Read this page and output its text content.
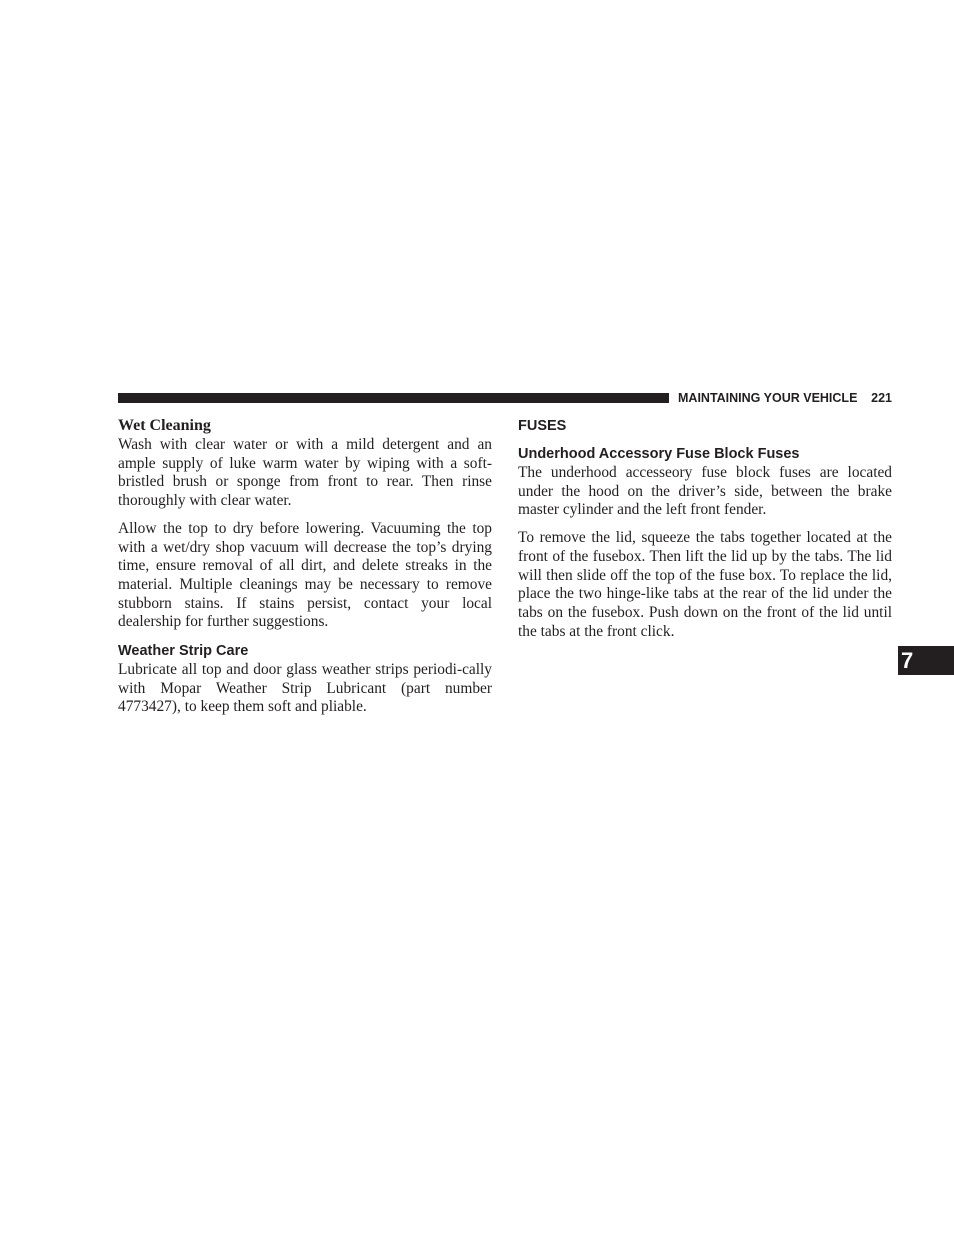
MAINTAINING YOUR VEHICLE 221
Wet Cleaning

Wash with clear water or with a mild detergent and an ample supply of luke warm water by wiping with a soft-bristled brush or sponge from front to rear. Then rinse thoroughly with clear water.

Allow the top to dry before lowering. Vacuuming the top with a wet/dry shop vacuum will decrease the top’s drying time, ensure removal of all dirt, and delete streaks in the material. Multiple cleanings may be necessary to remove stubborn stains. If stains persist, contact your local dealership for further suggestions.

Weather Strip Care

Lubricate all top and door glass weather strips periodi-cally with Mopar Weather Strip Lubricant (part number 4773427), to keep them soft and pliable.

FUSES
Underhood Accessory Fuse Block Fuses

The underhood accesseory fuse block fuses are located under the hood on the driver’s side, between the brake master cylinder and the left front fender.

To remove the lid, squeeze the tabs together located at the front of the fusebox. Then lift the lid up by the tabs. The lid will then slide off the top of the fuse box. To replace the lid, place the two hinge-like tabs at the rear of the lid under the tabs on the fusebox. Push down on the front of the lid until the tabs at the front click.

7
